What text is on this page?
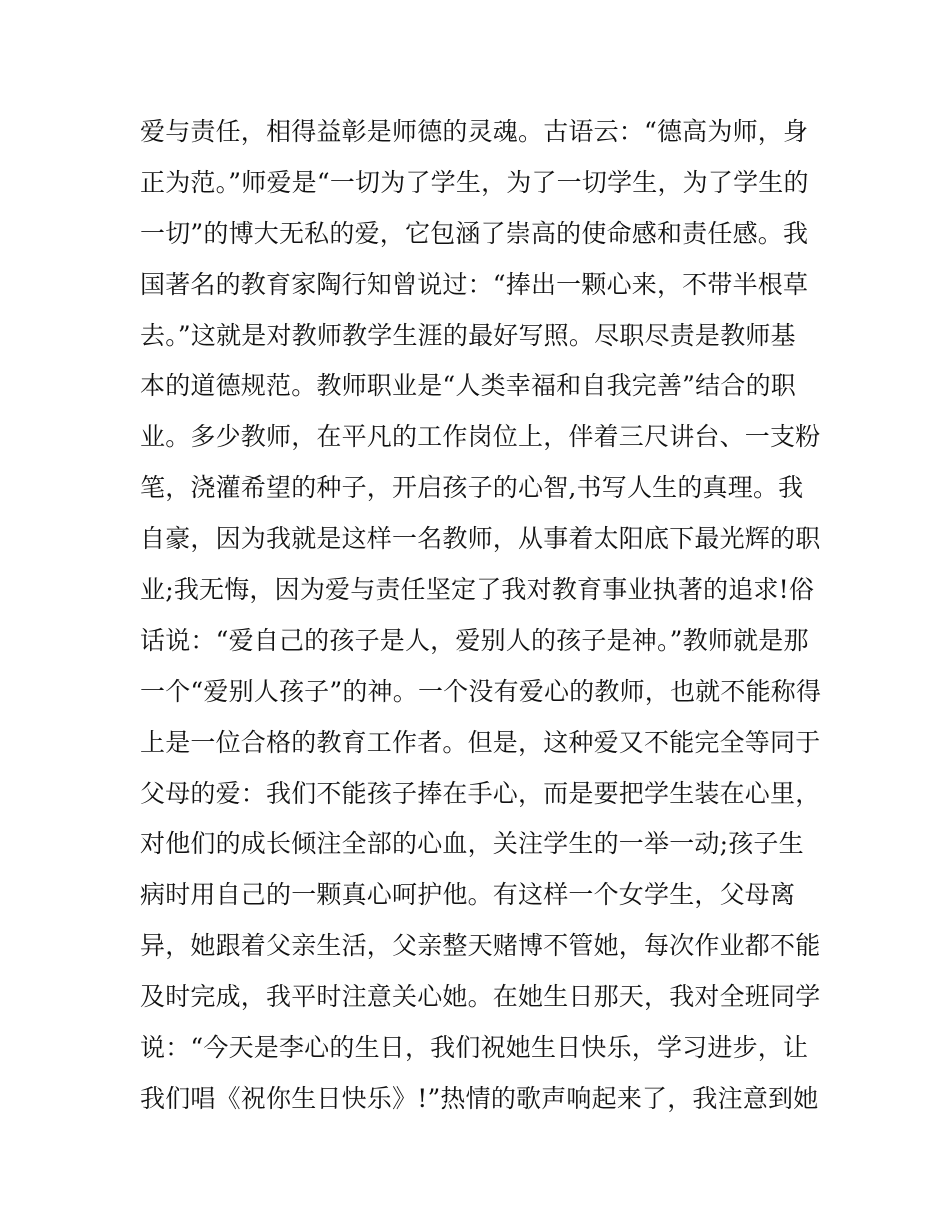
爱与责任，相得益彰是师德的灵魂。古语云：“德高为师，身
正为范。”师爱是“一切为了学生，为了一切学生，为了学生的
一切”的博大无私的爱，它包涵了崇高的使命感和责任感。我
国著名的教育家陶行知曾说过：“捧出一颗心来，不带半根草
去。”这就是对教师教学生涯的最好写照。尽职尽责是教师基
本的道德规范。教师职业是“人类幸福和自我完善”结合的职
业。多少教师，在平凡的工作岗位上，伴着三尺讲台、一支粉
笔，浇灌希望的种子，开启孩子的心智,书写人生的真理。我
自豪，因为我就是这样一名教师，从事着太阳底下最光辉的职
业;我无悔，因为爱与责任坚定了我对教育事业执著的追求!俗
话说：“爱自己的孩子是人，爱别人的孩子是神。”教师就是那
一个“爱别人孩子”的神。一个没有爱心的教师，也就不能称得
上是一位合格的教育工作者。但是，这种爱又不能完全等同于
父母的爱：我们不能孩子捧在手心，而是要把学生装在心里，
对他们的成长倾注全部的心血，关注学生的一举一动;孩子生
病时用自己的一颗真心呵护他。有这样一个女学生，父母离
异，她跟着父亲生活，父亲整天赌博不管她，每次作业都不能
及时完成，我平时注意关心她。在她生日那天，我对全班同学
说：“今天是李心的生日，我们祝她生日快乐，学习进步，让
我们唱《祝你生日快乐》!”热情的歌声响起来了，我注意到她
